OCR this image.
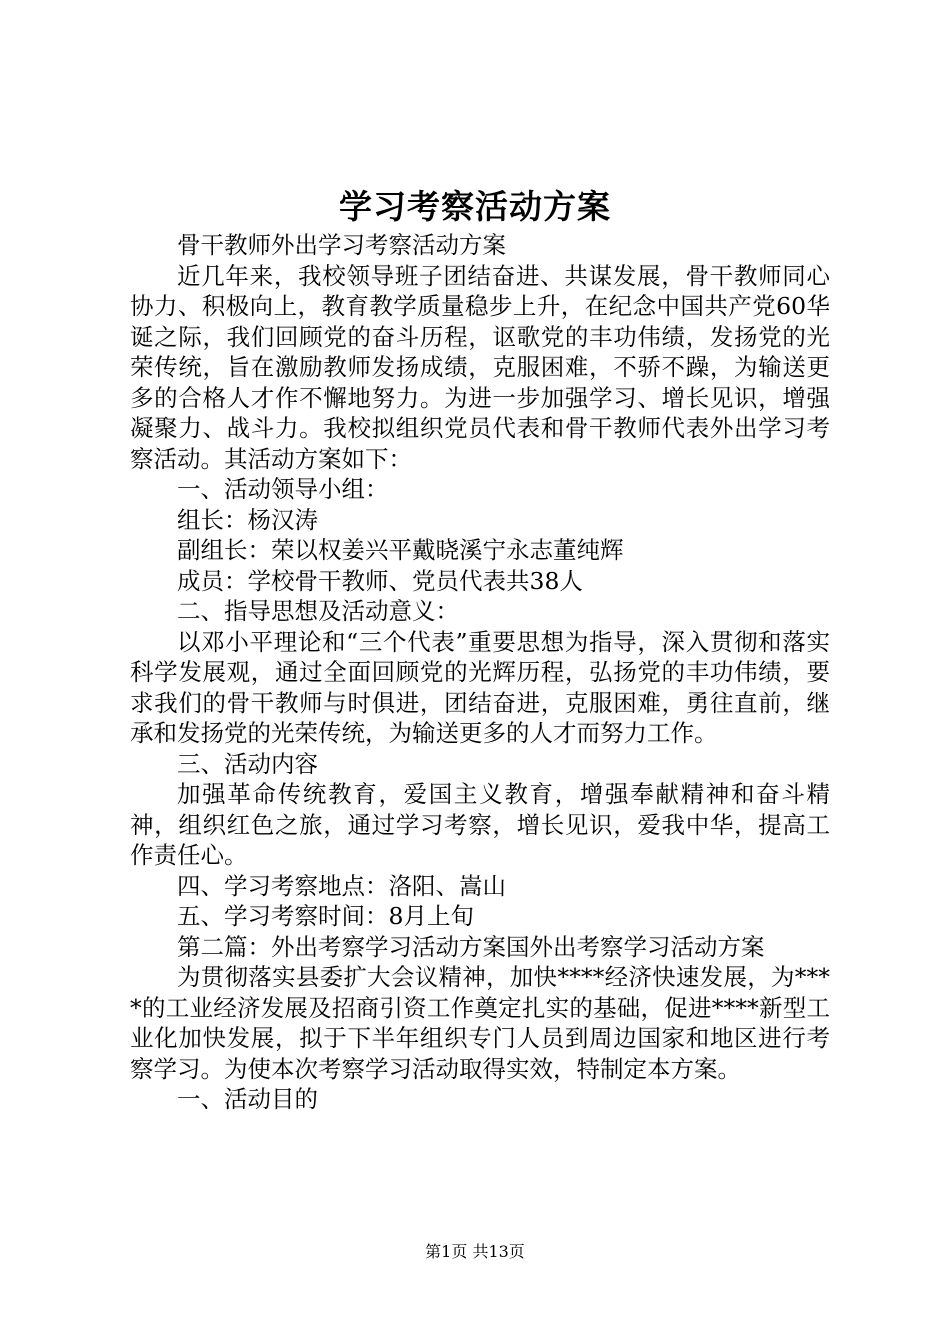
学习考察活动方案

骨干教师外出学习考察活动方案

近几年来，我校领导班子团结奋进、共谋发展，骨干教师同心协力、积极向上，教育教学质量稳步上升，在纪念中国共产党60华诞之际，我们回顾党的奋斗历程，讴歌党的丰功伟绩，发扬党的光荣传统，旨在激励教师发扬成绩，克服困难，不骄不躁，为输送更多的合格人才作不懈地努力。为进一步加强学习、增长见识，增强凝聚力、战斗力。我校拟组织党员代表和骨干教师代表外出学习考察活动。其活动方案如下：

一、活动领导小组：

组长：杨汉涛

副组长：荣以权姜兴平戴晓溪宁永志董纯辉

成员：学校骨干教师、党员代表共38人

二、指导思想及活动意义：

以邓小平理论和“三个代表”重要思想为指导，深入贯彻和落实科学发展观，通过全面回顾党的光辉历程，弘扬党的丰功伟绩，要求我们的骨干教师与时俱进，团结奋进，克服困难，勇往直前，继承和发扬党的光荣传统，为输送更多的人才而努力工作。

三、活动内容

加强革命传统教育，爱国主义教育，增强奉献精神和奋斗精神，组织红色之旅，通过学习考察，增长见识，爱我中华，提高工作责任心。

四、学习考察地点：洛阳、嵩山

五、学习考察时间：8月上旬

第二篇：外出考察学习活动方案国外出考察学习活动方案

为贯彻落实县委扩大会议精神，加快****经济快速发展，为****的工业经济发展及招商引资工作奠定扎实的基础，促进****新型工业化加快发展，拟于下半年组织专门人员到周边国家和地区进行考察学习。为使本次考察学习活动取得实效，特制定本方案。

一、活动目的

第1页 共13页
